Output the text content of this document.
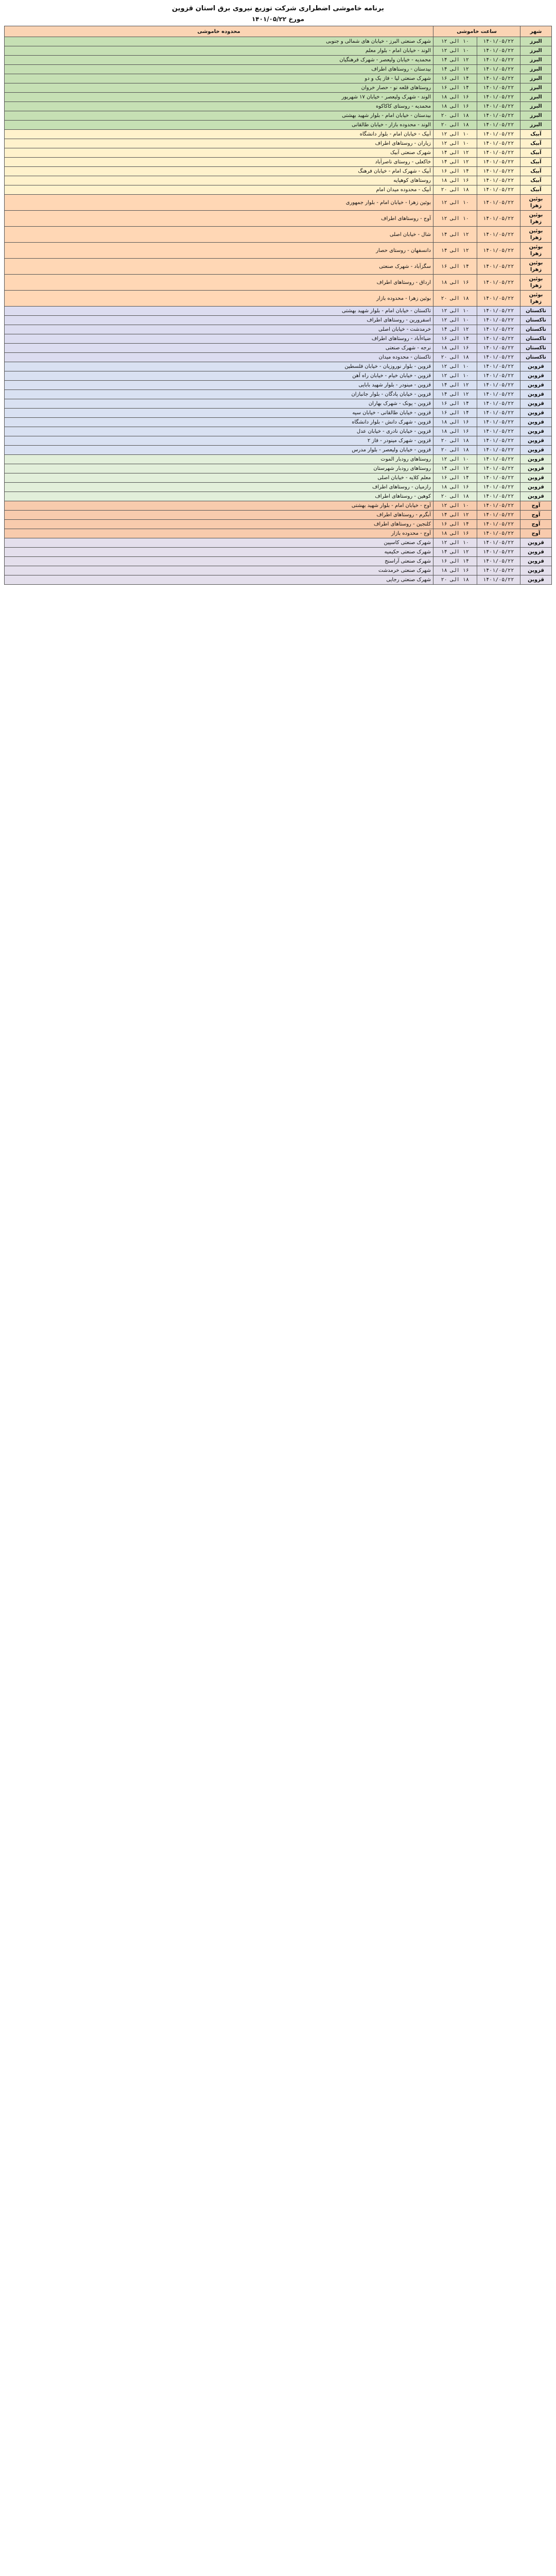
برنامه خاموشی اضطراری شرکت توزیع نیروی برق استان قزوین
مورخ ۱۴۰۱/۰۵/۲۲
شهر	ساعت خاموشی		محدوده خاموشی
البرز	۱۴۰۱/۰۵/۲۲	۱۰ الی ۱۲	شهرک صنعتی البرز - خیابان های شمالی و جنوبی
البرز	۱۴۰۱/۰۵/۲۲	۱۰ الی ۱۲	الوند - خیابان امام - بلوار معلم
البرز	۱۴۰۱/۰۵/۲۲	۱۲ الی ۱۴	محمدیه - خیابان ولیعصر - شهرک فرهنگیان
البرز	۱۴۰۱/۰۵/۲۲	۱۲ الی ۱۴	بیدستان - روستاهای اطراف
البرز	۱۴۰۱/۰۵/۲۲	۱۴ الی ۱۶	شهرک صنعتی لیا - فاز یک و دو
البرز	۱۴۰۱/۰۵/۲۲	۱۴ الی ۱۶	روستاهای قلعه نو - حصار خروان
البرز	۱۴۰۱/۰۵/۲۲	۱۶ الی ۱۸	الوند - شهرک ولیعصر - خیابان ۱۷ شهریور
البرز	۱۴۰۱/۰۵/۲۲	۱۶ الی ۱۸	محمدیه - روستای کاکاکوه
البرز	۱۴۰۱/۰۵/۲۲	۱۸ الی ۲۰	بیدستان - خیابان امام - بلوار شهید بهشتی
البرز	۱۴۰۱/۰۵/۲۲	۱۸ الی ۲۰	الوند - محدوده بازار - خیابان طالقانی
آبیک	۱۴۰۱/۰۵/۲۲	۱۰ الی ۱۲	آبیک - خیابان امام - بلوار دانشگاه
آبیک	۱۴۰۱/۰۵/۲۲	۱۰ الی ۱۲	زیاران - روستاهای اطراف
آبیک	۱۴۰۱/۰۵/۲۲	۱۲ الی ۱۴	شهرک صنعتی آبیک
آبیک	۱۴۰۱/۰۵/۲۲	۱۲ الی ۱۴	خاکعلی - روستای ناصرآباد
آبیک	۱۴۰۱/۰۵/۲۲	۱۴ الی ۱۶	آبیک - شهرک امام - خیابان فرهنگ
آبیک	۱۴۰۱/۰۵/۲۲	۱۶ الی ۱۸	روستاهای کوهپایه
آبیک	۱۴۰۱/۰۵/۲۲	۱۸ الی ۲۰	آبیک - محدوده میدان امام
بوئین زهرا	۱۴۰۱/۰۵/۲۲	۱۰ الی ۱۲	بوئین زهرا - خیابان امام - بلوار جمهوری
بوئین زهرا	۱۴۰۱/۰۵/۲۲	۱۰ الی ۱۲	آوج - روستاهای اطراف
بوئین زهرا	۱۴۰۱/۰۵/۲۲	۱۲ الی ۱۴	شال - خیابان اصلی
بوئین زهرا	۱۴۰۱/۰۵/۲۲	۱۲ الی ۱۴	دانسفهان - روستای حصار
بوئین زهرا	۱۴۰۱/۰۵/۲۲	۱۴ الی ۱۶	سگزآباد - شهرک صنعتی
بوئین زهرا	۱۴۰۱/۰۵/۲۲	۱۶ الی ۱۸	ارداق - روستاهای اطراف
بوئین زهرا	۱۴۰۱/۰۵/۲۲	۱۸ الی ۲۰	بوئین زهرا - محدوده بازار
تاکستان	۱۴۰۱/۰۵/۲۲	۱۰ الی ۱۲	تاکستان - خیابان امام - بلوار شهید بهشتی
تاکستان	۱۴۰۱/۰۵/۲۲	۱۰ الی ۱۲	اسفرورین - روستاهای اطراف
تاکستان	۱۴۰۱/۰۵/۲۲	۱۲ الی ۱۴	خرمدشت - خیابان اصلی
تاکستان	۱۴۰۱/۰۵/۲۲	۱۴ الی ۱۶	ضیاءآباد - روستاهای اطراف
تاکستان	۱۴۰۱/۰۵/۲۲	۱۶ الی ۱۸	نرجه - شهرک صنعتی
تاکستان	۱۴۰۱/۰۵/۲۲	۱۸ الی ۲۰	تاکستان - محدوده میدان
قزوین	۱۴۰۱/۰۵/۲۲	۱۰ الی ۱۲	قزوین - بلوار نوروزیان - خیابان فلسطین
قزوین	۱۴۰۱/۰۵/۲۲	۱۰ الی ۱۲	قزوین - خیابان خیام - خیابان راه آهن
قزوین	۱۴۰۱/۰۵/۲۲	۱۲ الی ۱۴	قزوین - مینودر - بلوار شهید بابایی
قزوین	۱۴۰۱/۰۵/۲۲	۱۲ الی ۱۴	قزوین - خیابان پادگان - بلوار جانبازان
قزوین	۱۴۰۱/۰۵/۲۲	۱۴ الی ۱۶	قزوین - پونک - شهرک بهاران
قزوین	۱۴۰۱/۰۵/۲۲	۱۴ الی ۱۶	قزوین - خیابان طالقانی - خیابان سپه
قزوین	۱۴۰۱/۰۵/۲۲	۱۶ الی ۱۸	قزوین - شهرک دانش - بلوار دانشگاه
قزوین	۱۴۰۱/۰۵/۲۲	۱۶ الی ۱۸	قزوین - خیابان نادری - خیابان عدل
قزوین	۱۴۰۱/۰۵/۲۲	۱۸ الی ۲۰	قزوین - شهرک مینودر - فاز ۲
قزوین	۱۴۰۱/۰۵/۲۲	۱۸ الی ۲۰	قزوین - خیابان ولیعصر - بلوار مدرس
قزوین	۱۴۰۱/۰۵/۲۲	۱۰ الی ۱۲	روستاهای رودبار الموت
قزوین	۱۴۰۱/۰۵/۲۲	۱۲ الی ۱۴	روستاهای رودبار شهرستان
قزوین	۱۴۰۱/۰۵/۲۲	۱۴ الی ۱۶	معلم کلایه - خیابان اصلی
قزوین	۱۴۰۱/۰۵/۲۲	۱۶ الی ۱۸	رازمیان - روستاهای اطراف
قزوین	۱۴۰۱/۰۵/۲۲	۱۸ الی ۲۰	کوهین - روستاهای اطراف
آوج	۱۴۰۱/۰۵/۲۲	۱۰ الی ۱۲	آوج - خیابان امام - بلوار شهید بهشتی
آوج	۱۴۰۱/۰۵/۲۲	۱۲ الی ۱۴	آبگرم - روستاهای اطراف
آوج	۱۴۰۱/۰۵/۲۲	۱۴ الی ۱۶	کلنجین - روستاهای اطراف
آوج	۱۴۰۱/۰۵/۲۲	۱۶ الی ۱۸	آوج - محدوده بازار
قزوین	۱۴۰۱/۰۵/۲۲	۱۰ الی ۱۲	شهرک صنعتی کاسپین
قزوین	۱۴۰۱/۰۵/۲۲	۱۲ الی ۱۴	شهرک صنعتی حکیمیه
قزوین	۱۴۰۱/۰۵/۲۲	۱۴ الی ۱۶	شهرک صنعتی آراسنج
قزوین	۱۴۰۱/۰۵/۲۲	۱۶ الی ۱۸	شهرک صنعتی خرمدشت
قزوین	۱۴۰۱/۰۵/۲۲	۱۸ الی ۲۰	شهرک صنعتی رجایی
